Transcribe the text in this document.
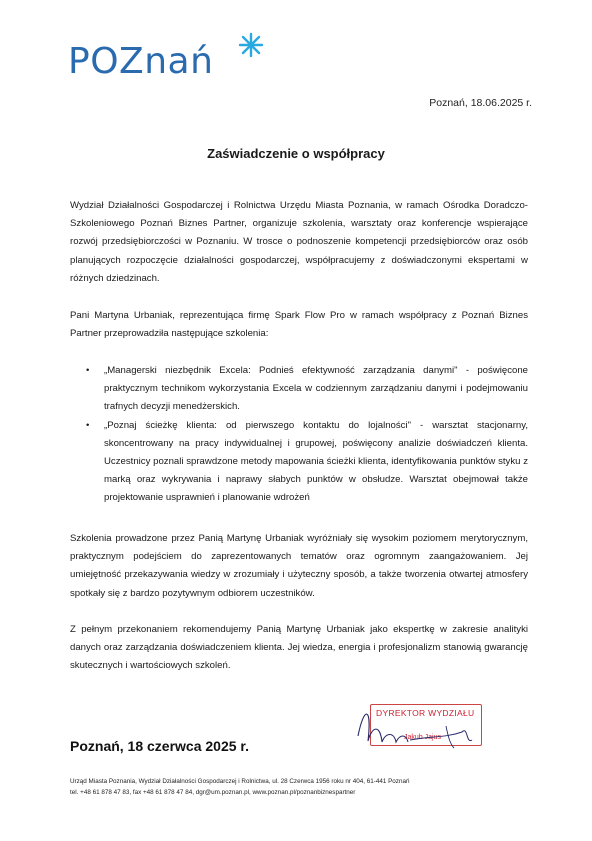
POZnań
Poznań, 18.06.2025 r.
Zaświadczenie o współpracy

Wydział Działalności Gospodarczej i Rolnictwa Urzędu Miasta Poznania, w ramach Ośrodka Doradczo-Szkoleniowego Poznań Biznes Partner, organizuje szkolenia, warsztaty oraz konferencje wspierające rozwój przedsiębiorczości w Poznaniu. W trosce o podnoszenie kompetencji przedsiębiorców oraz osób planujących rozpoczęcie działalności gospodarczej, współpracujemy z doświadczonymi ekspertami w różnych dziedzinach.

Pani Martyna Urbaniak, reprezentująca firmę Spark Flow Pro w ramach współpracy z Poznań Biznes Partner przeprowadziła następujące szkolenia:

• „Managerski niezbędnik Excela: Podnieś efektywność zarządzania danymi" - poświęcone praktycznym technikom wykorzystania Excela w codziennym zarządzaniu danymi i podejmowaniu trafnych decyzji menedżerskich.

• „Poznaj ścieżkę klienta: od pierwszego kontaktu do lojalności" - warsztat stacjonarny, skoncentrowany na pracy indywidualnej i grupowej, poświęcony analizie doświadczeń klienta. Uczestnicy poznali sprawdzone metody mapowania ścieżki klienta, identyfikowania punktów styku z marką oraz wykrywania i naprawy słabych punktów w obsłudze. Warsztat obejmował także projektowanie usprawnień i planowanie wdrożeń

Szkolenia prowadzone przez Panią Martynę Urbaniak wyróżniały się wysokim poziomem merytorycznym, praktycznym podejściem do zaprezentowanych tematów oraz ogromnym zaangażowaniem. Jej umiejętność przekazywania wiedzy w zrozumiały i użyteczny sposób, a także tworzenia otwartej atmosfery spotkały się z bardzo pozytywnym odbiorem uczestników.

Z pełnym przekonaniem rekomendujemy Panią Martynę Urbaniak jako ekspertkę w zakresie analityki danych oraz zarządzania doświadczeniem klienta. Jej wiedza, energia i profesjonalizm stanowią gwarancję skutecznych i wartościowych szkoleń.

Poznań, 18 czerwca 2025 r.
DYREKTOR WYDZIAŁU
Jakub Jajus
Urząd Miasta Poznania, Wydział Działalności Gospodarczej i Rolnictwa, ul. 28 Czerwca 1956 roku nr 404, 61-441 Poznań
tel. +48 61 878 47 83, fax +48 61 878 47 84, dgr@um.poznan.pl, www.poznan.pl/poznanbiznespartner
